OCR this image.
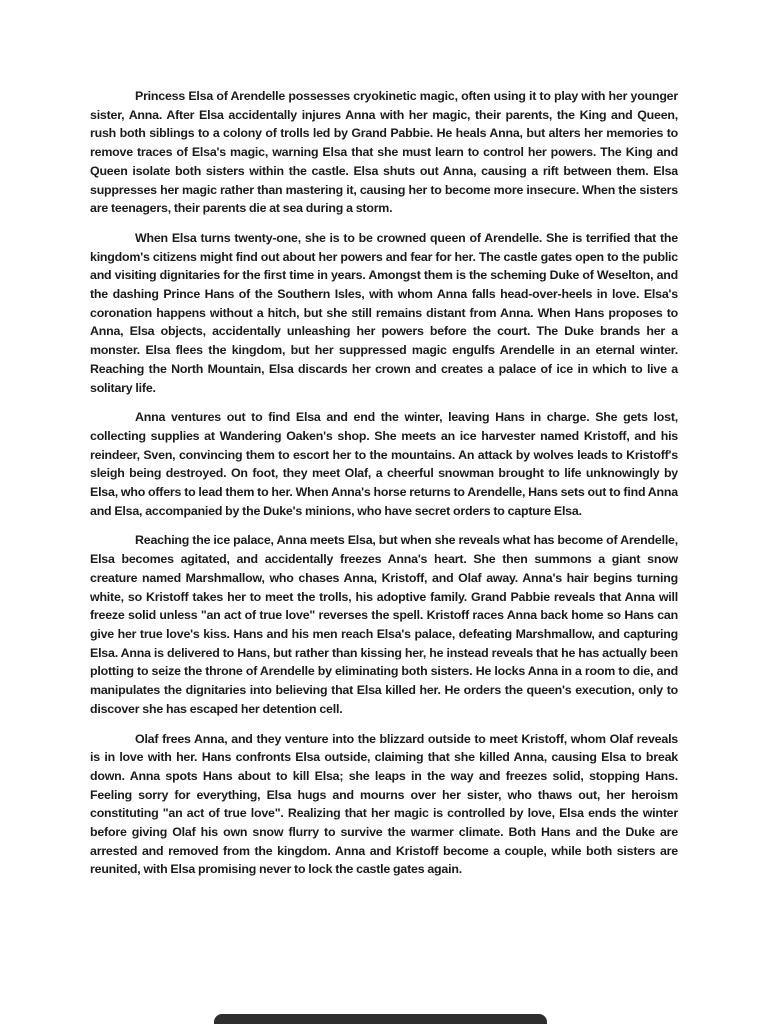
Princess Elsa of Arendelle possesses cryokinetic magic, often using it to play with her younger sister, Anna. After Elsa accidentally injures Anna with her magic, their parents, the King and Queen, rush both siblings to a colony of trolls led by Grand Pabbie. He heals Anna, but alters her memories to remove traces of Elsa's magic, warning Elsa that she must learn to control her powers. The King and Queen isolate both sisters within the castle. Elsa shuts out Anna, causing a rift between them. Elsa suppresses her magic rather than mastering it, causing her to become more insecure. When the sisters are teenagers, their parents die at sea during a storm.

When Elsa turns twenty-one, she is to be crowned queen of Arendelle. She is terrified that the kingdom's citizens might find out about her powers and fear for her. The castle gates open to the public and visiting dignitaries for the first time in years. Amongst them is the scheming Duke of Weselton, and the dashing Prince Hans of the Southern Isles, with whom Anna falls head-over-heels in love. Elsa's coronation happens without a hitch, but she still remains distant from Anna. When Hans proposes to Anna, Elsa objects, accidentally unleashing her powers before the court. The Duke brands her a monster. Elsa flees the kingdom, but her suppressed magic engulfs Arendelle in an eternal winter. Reaching the North Mountain, Elsa discards her crown and creates a palace of ice in which to live a solitary life.

Anna ventures out to find Elsa and end the winter, leaving Hans in charge. She gets lost, collecting supplies at Wandering Oaken's shop. She meets an ice harvester named Kristoff, and his reindeer, Sven, convincing them to escort her to the mountains. An attack by wolves leads to Kristoff's sleigh being destroyed. On foot, they meet Olaf, a cheerful snowman brought to life unknowingly by Elsa, who offers to lead them to her. When Anna's horse returns to Arendelle, Hans sets out to find Anna and Elsa, accompanied by the Duke's minions, who have secret orders to capture Elsa.

Reaching the ice palace, Anna meets Elsa, but when she reveals what has become of Arendelle, Elsa becomes agitated, and accidentally freezes Anna's heart. She then summons a giant snow creature named Marshmallow, who chases Anna, Kristoff, and Olaf away. Anna's hair begins turning white, so Kristoff takes her to meet the trolls, his adoptive family. Grand Pabbie reveals that Anna will freeze solid unless "an act of true love" reverses the spell. Kristoff races Anna back home so Hans can give her true love's kiss. Hans and his men reach Elsa's palace, defeating Marshmallow, and capturing Elsa. Anna is delivered to Hans, but rather than kissing her, he instead reveals that he has actually been plotting to seize the throne of Arendelle by eliminating both sisters. He locks Anna in a room to die, and manipulates the dignitaries into believing that Elsa killed her. He orders the queen's execution, only to discover she has escaped her detention cell.

Olaf frees Anna, and they venture into the blizzard outside to meet Kristoff, whom Olaf reveals is in love with her. Hans confronts Elsa outside, claiming that she killed Anna, causing Elsa to break down. Anna spots Hans about to kill Elsa; she leaps in the way and freezes solid, stopping Hans. Feeling sorry for everything, Elsa hugs and mourns over her sister, who thaws out, her heroism constituting "an act of true love". Realizing that her magic is controlled by love, Elsa ends the winter before giving Olaf his own snow flurry to survive the warmer climate. Both Hans and the Duke are arrested and removed from the kingdom. Anna and Kristoff become a couple, while both sisters are reunited, with Elsa promising never to lock the castle gates again.
